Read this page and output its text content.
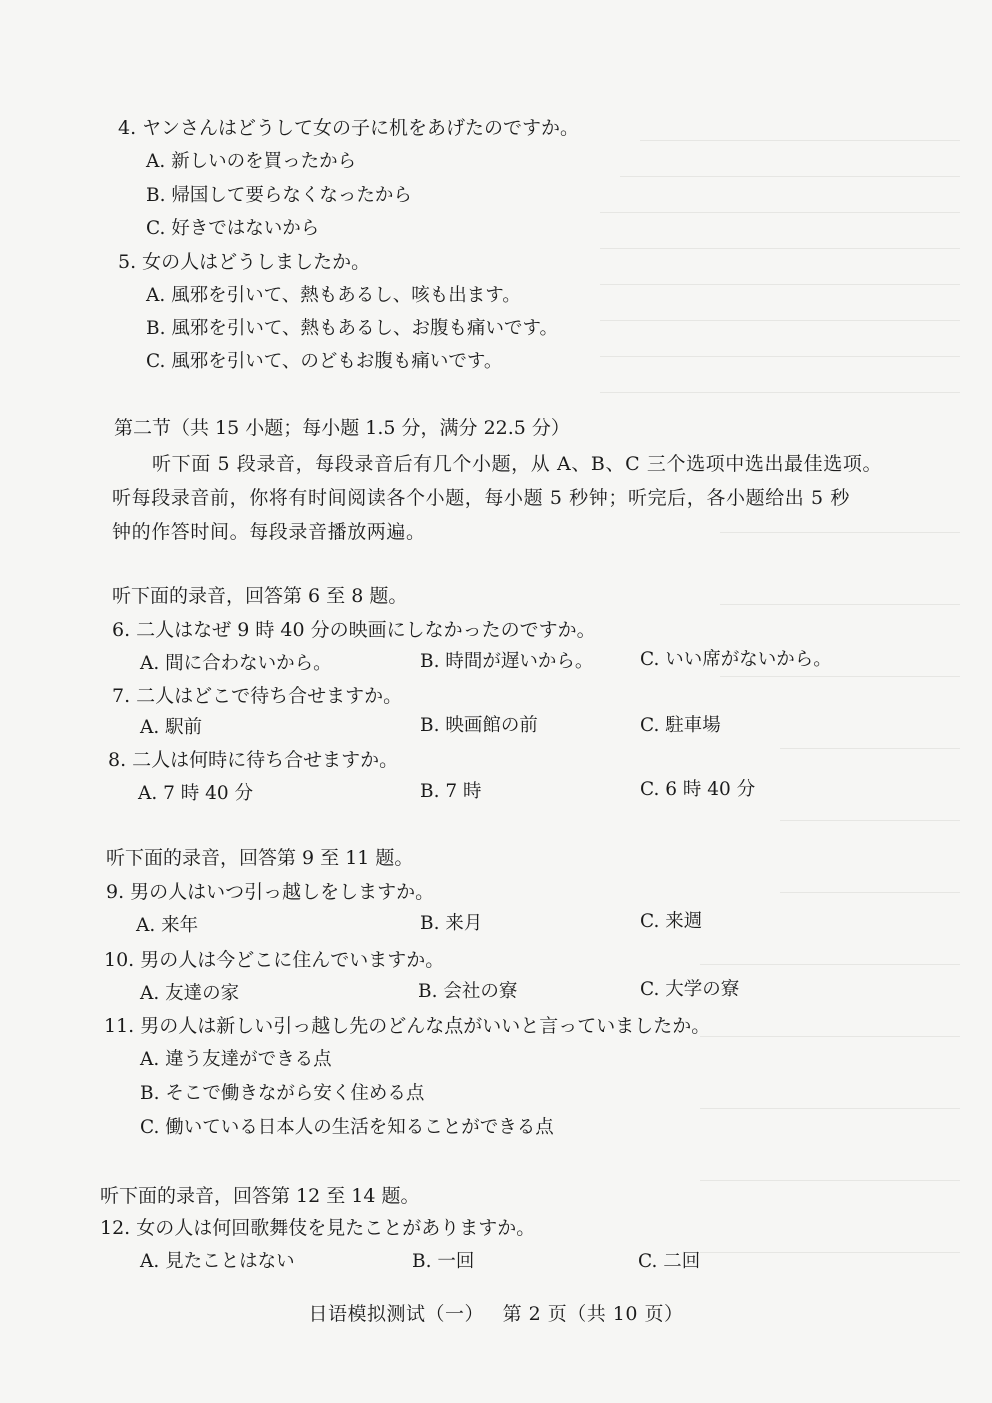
4. ヤンさんはどうして女の子に机をあげたのですか。
A. 新しいのを買ったから
B. 帰国して要らなくなったから
C. 好きではないから
5. 女の人はどうしましたか。
A. 風邪を引いて、熱もあるし、咳も出ます。
B. 風邪を引いて、熱もあるし、お腹も痛いです。
C. 風邪を引いて、のどもお腹も痛いです。
第二节（共 15 小题；每小题 1.5 分，满分 22.5 分）
听下面 5 段录音，每段录音后有几个小题，从 A、B、C 三个选项中选出最佳选项。
听每段录音前，你将有时间阅读各个小题，每小题 5 秒钟；听完后，各小题给出 5 秒
钟的作答时间。每段录音播放两遍。
听下面的录音，回答第 6 至 8 题。
6. 二人はなぜ 9 時 40 分の映画にしなかったのですか。
A. 間に合わないから。	B. 時間が遅いから。	C. いい席がないから。
7. 二人はどこで待ち合せますか。
A. 駅前	B. 映画館の前	C. 駐車場
8. 二人は何時に待ち合せますか。
A. 7 時 40 分	B. 7 時	C. 6 時 40 分
听下面的录音，回答第 9 至 11 题。
9. 男の人はいつ引っ越しをしますか。
A. 来年	B. 来月	C. 来週
10. 男の人は今どこに住んでいますか。
A. 友達の家	B. 会社の寮	C. 大学の寮
11. 男の人は新しい引っ越し先のどんな点がいいと言っていましたか。
A. 違う友達ができる点
B. そこで働きながら安く住める点
C. 働いている日本人の生活を知ることができる点
听下面的录音，回答第 12 至 14 题。
12. 女の人は何回歌舞伎を見たことがありますか。
A. 見たことはない	B. 一回	C. 二回
日语模拟测试（一） 第 2 页（共 10 页）
